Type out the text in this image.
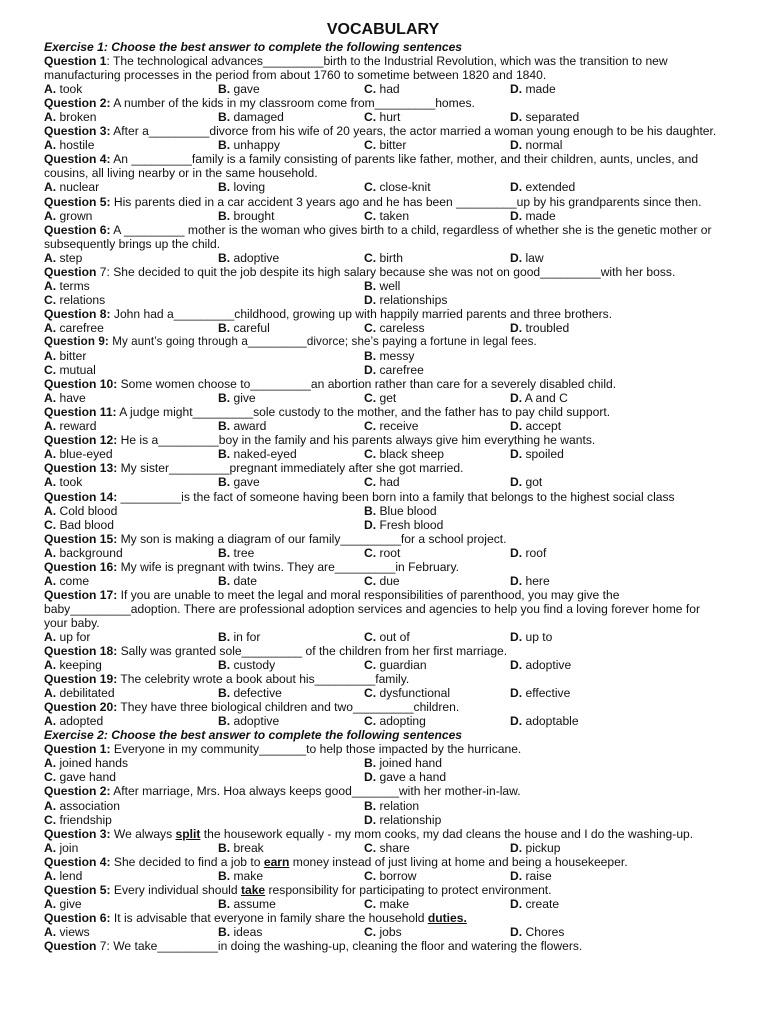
VOCABULARY
Exercise 1: Choose the best answer to complete the following sentences
Question 1: The technological advances_________birth to the Industrial Revolution, which was the transition to new manufacturing processes in the period from about 1760 to sometime between 1820 and 1840.
A. took	B. gave	C. had	D. made
Question 2: A number of the kids in my classroom come from_________homes.
A. broken	B. damaged	C. hurt	D. separated
Question 3: After a_________divorce from his wife of 20 years, the actor married a woman young enough to be his daughter.
A. hostile	B. unhappy	C. bitter	D. normal
Question 4: An _________family is a family consisting of parents like father, mother, and their children, aunts, uncles, and cousins, all living nearby or in the same household.
A. nuclear	B. loving	C. close-knit	D. extended
Question 5: His parents died in a car accident 3 years ago and he has been _________up by his grandparents since then.
A. grown	B. brought	C. taken	D. made
Question 6: A _________ mother is the woman who gives birth to a child, regardless of whether she is the genetic mother or subsequently brings up the child.
A. step	B. adoptive	C. birth	D. law
Question 7: She decided to quit the job despite its high salary because she was not on good_________with her boss.
A. terms	B. well
C. relations	D. relationships
Question 8: John had a_________childhood, growing up with happily married parents and three brothers.
A. carefree	B. careful	C. careless	D. troubled
Question 9: My aunt’s going through a_________divorce; she’s paying a fortune in legal fees.
A. bitter	B. messy
C. mutual	D. carefree
Question 10: Some women choose to_________an abortion rather than care for a severely disabled child.
A. have	B. give	C. get	D. A and C
Question 11: A judge might_________sole custody to the mother, and the father has to pay child support.
A. reward	B. award	C. receive	D. accept
Question 12: He is a_________boy in the family and his parents always give him everything he wants.
A. blue-eyed	B. naked-eyed	C. black sheep	D. spoiled
Question 13: My sister_________pregnant immediately after she got married.
A. took	B. gave	C. had	D. got
Question 14: _________is the fact of someone having been born into a family that belongs to the highest social class
A. Cold blood	B. Blue blood
C. Bad blood	D. Fresh blood
Question 15: My son is making a diagram of our family_________for a school project.
A. background	B. tree	C. root	D. roof
Question 16: My wife is pregnant with twins. They are_________in February.
A. come	B. date	C. due	D. here
Question 17: If you are unable to meet the legal and moral responsibilities of parenthood, you may give the baby_________adoption. There are professional adoption services and agencies to help you find a loving forever home for your baby.
A. up for	B. in for	C. out of	D. up to
Question 18: Sally was granted sole_________ of the children from her first marriage.
A. keeping	B. custody	C. guardian	D. adoptive
Question 19: The celebrity wrote a book about his_________family.
A. debilitated	B. defective	C. dysfunctional	D. effective
Question 20: They have three biological children and two_________children.
A. adopted	B. adoptive	C. adopting	D. adoptable
Exercise 2: Choose the best answer to complete the following sentences
Question 1: Everyone in my community_______to help those impacted by the hurricane.
A. joined hands	B. joined hand
C. gave hand	D. gave a hand
Question 2: After marriage, Mrs. Hoa always keeps good_______with her mother-in-law.
A. association	B. relation
C. friendship	D. relationship
Question 3: We always split the housework equally - my mom cooks, my dad cleans the house and I do the washing-up.
A. join	B. break	C. share	D. pickup
Question 4: She decided to find a job to earn money instead of just living at home and being a housekeeper.
A. lend	B. make	C. borrow	D. raise
Question 5: Every individual should take responsibility for participating to protect environment.
A. give	B. assume	C. make	D. create
Question 6: It is advisable that everyone in family share the household duties.
A. views	B. ideas	C. jobs	D. Chores
Question 7: We take_________in doing the washing-up, cleaning the floor and watering the flowers.
